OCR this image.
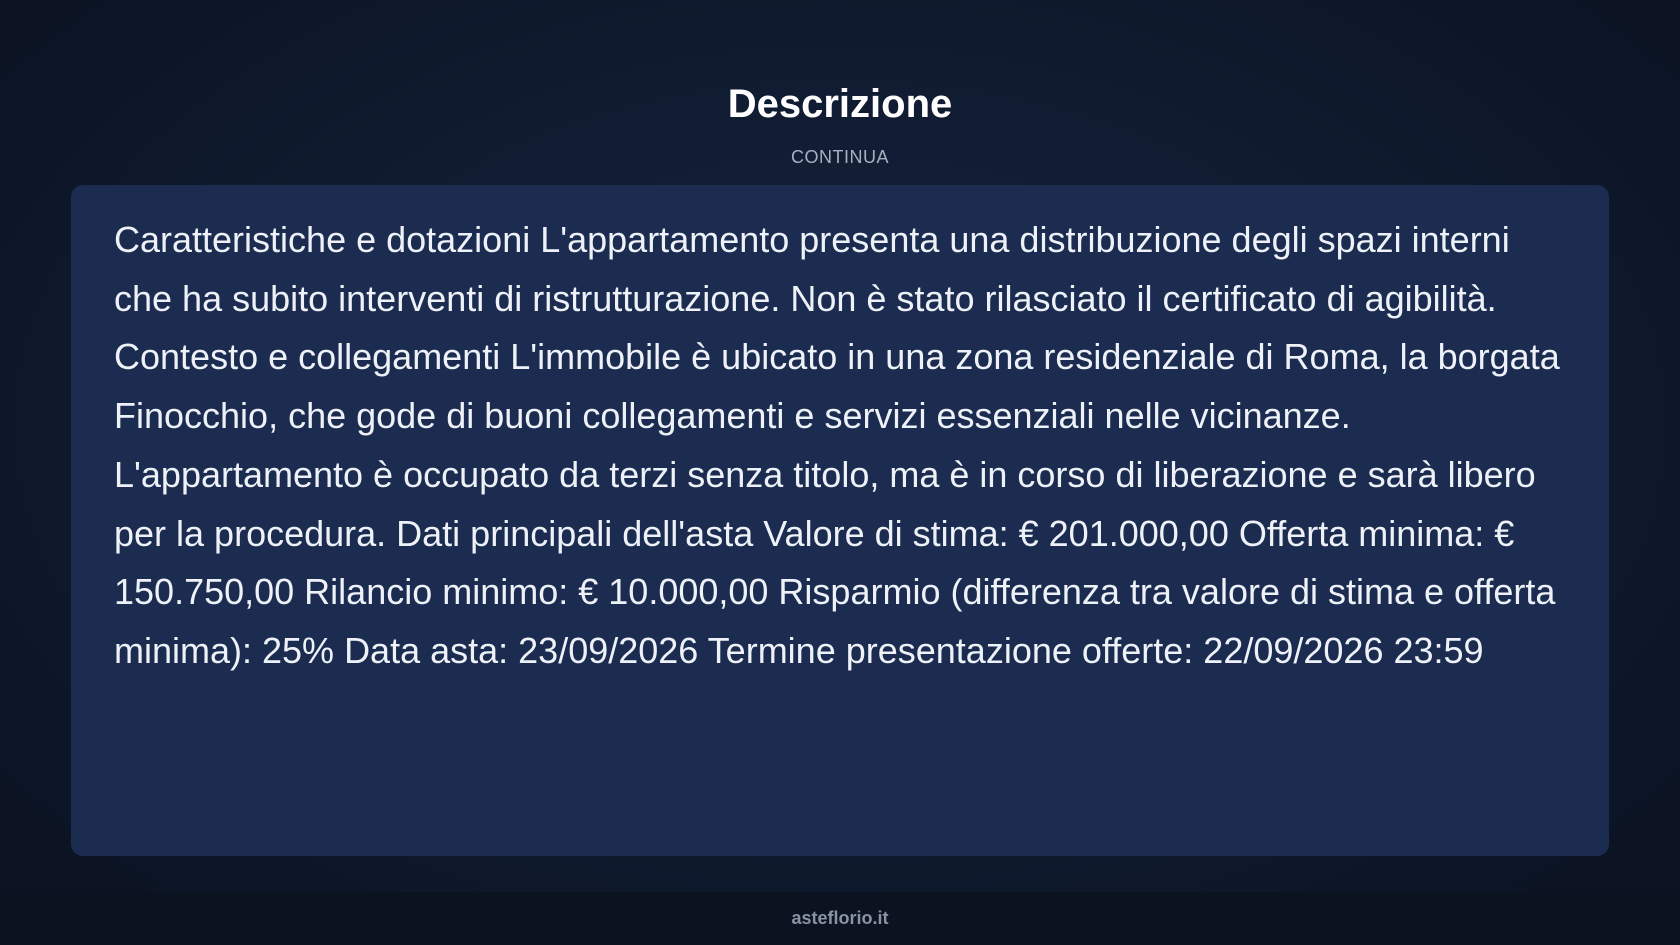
Descrizione
CONTINUA

Caratteristiche e dotazioni L'appartamento presenta una distribuzione degli spazi interni che ha subito interventi di ristrutturazione. Non è stato rilasciato il certificato di agibilità. Contesto e collegamenti L'immobile è ubicato in una zona residenziale di Roma, la borgata Finocchio, che gode di buoni collegamenti e servizi essenziali nelle vicinanze. L'appartamento è occupato da terzi senza titolo, ma è in corso di liberazione e sarà libero per la procedura. Dati principali dell'asta Valore di stima: € 201.000,00 Offerta minima: € 150.750,00 Rilancio minimo: € 10.000,00 Risparmio (differenza tra valore di stima e offerta minima): 25% Data asta: 23/09/2026 Termine presentazione offerte: 22/09/2026 23:59

asteflorio.it
